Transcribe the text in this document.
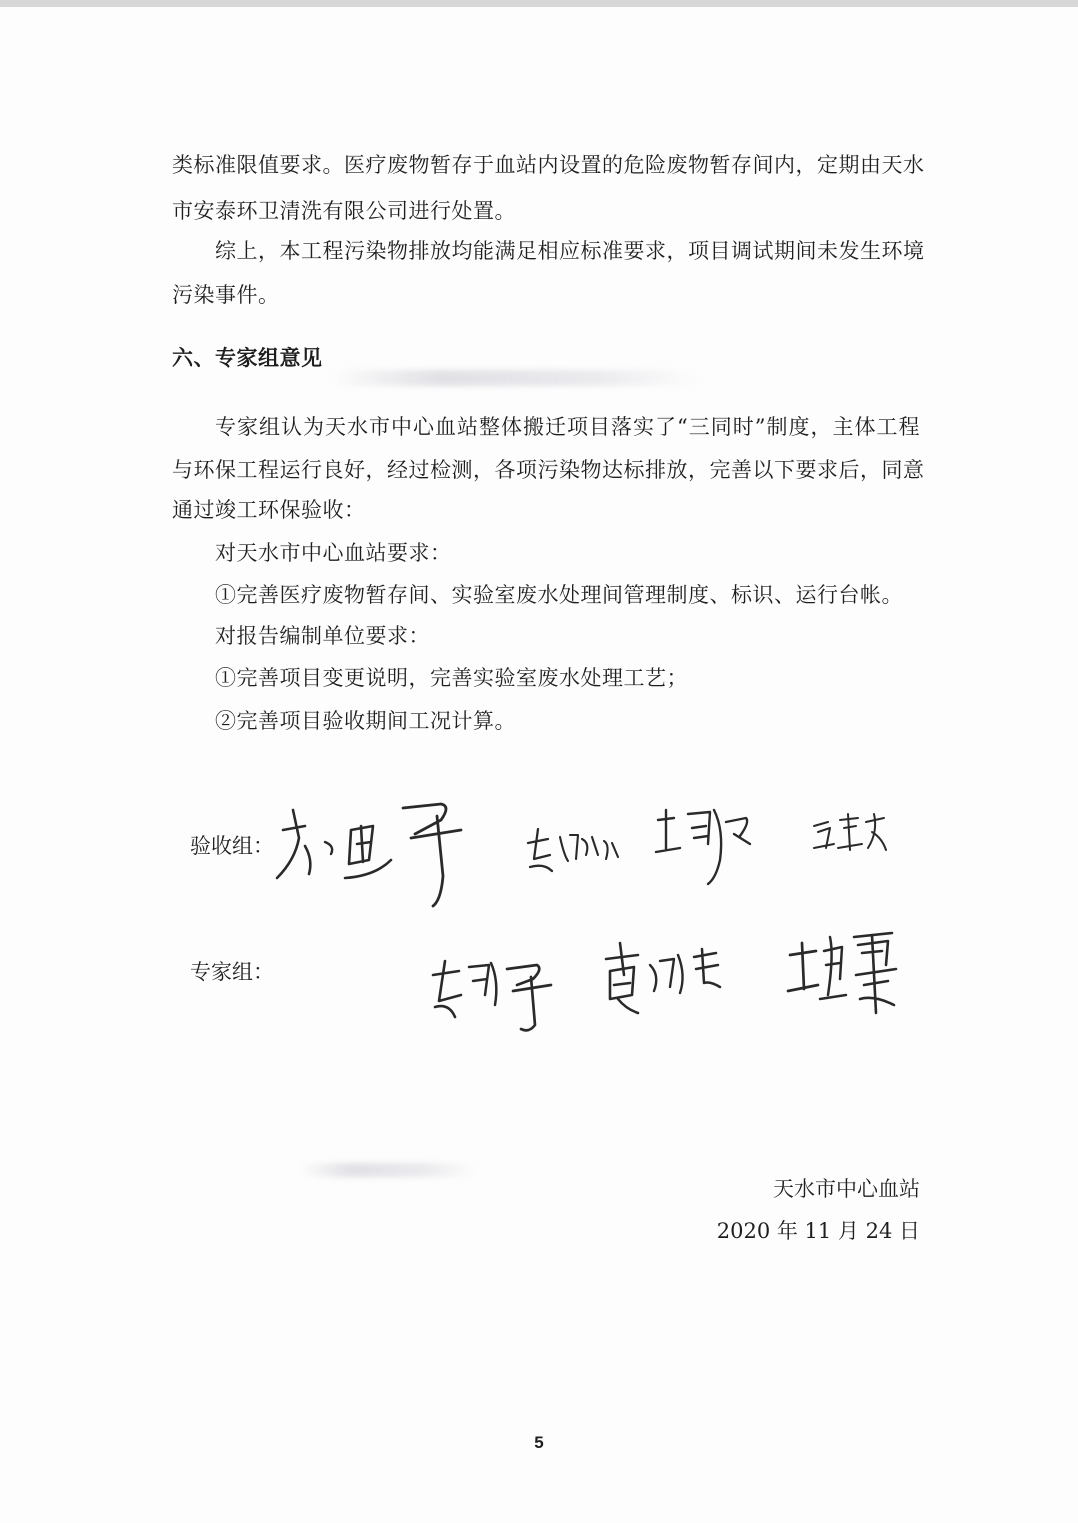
类标准限值要求。医疗废物暂存于血站内设置的危险废物暂存间内，定期由天水
市安泰环卫清洗有限公司进行处置。
综上，本工程污染物排放均能满足相应标准要求，项目调试期间未发生环境
污染事件。
六、专家组意见
专家组认为天水市中心血站整体搬迁项目落实了“三同时”制度，主体工程
与环保工程运行良好，经过检测，各项污染物达标排放，完善以下要求后，同意
通过竣工环保验收：
对天水市中心血站要求：
①完善医疗废物暂存间、实验室废水处理间管理制度、标识、运行台帐。
对报告编制单位要求：
①完善项目变更说明，完善实验室废水处理工艺；
②完善项目验收期间工况计算。
验收组：
专家组：
天水市中心血站
2020 年 11 月 24 日
5
